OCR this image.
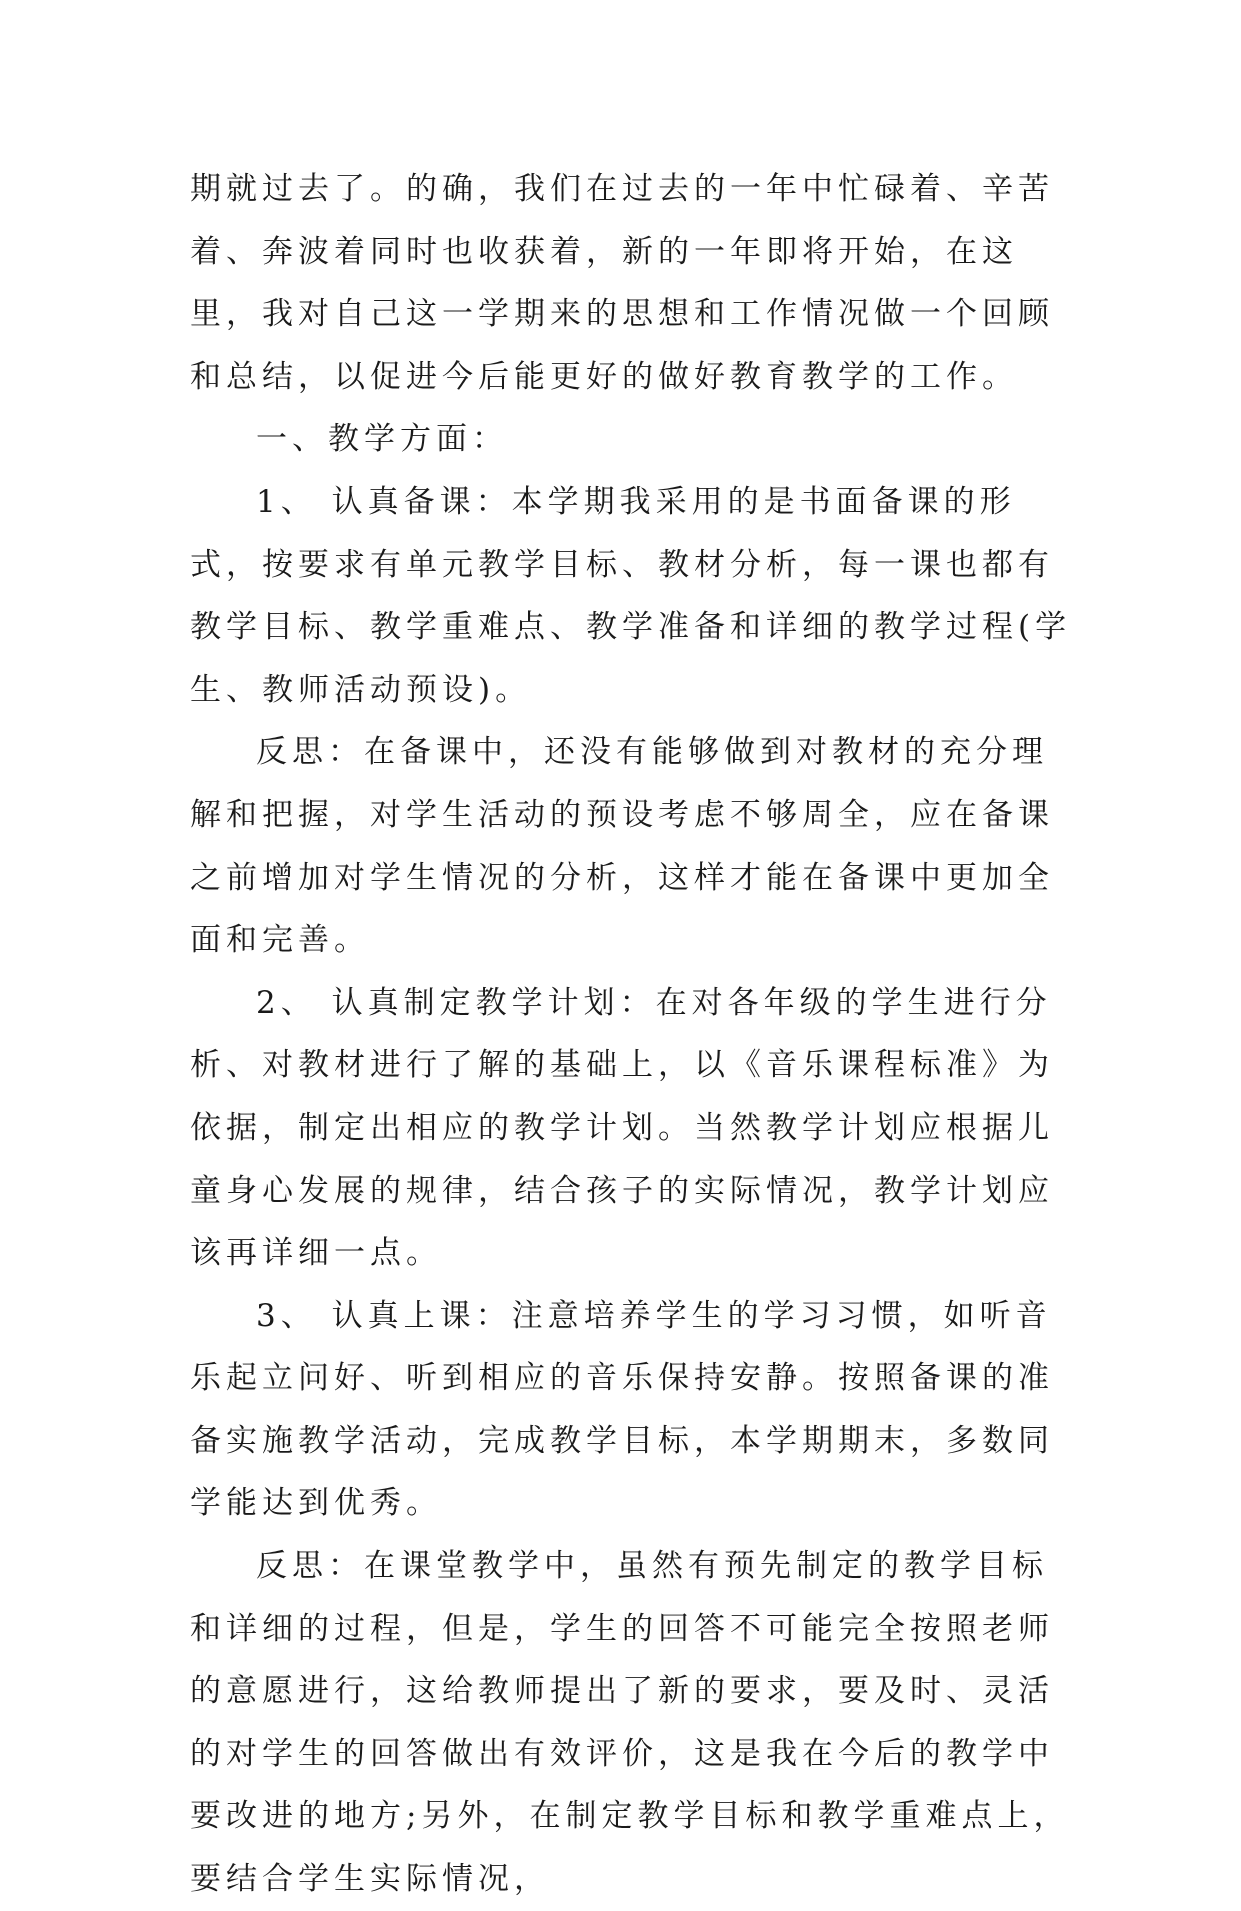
期就过去了。的确，我们在过去的一年中忙碌着、辛苦着、奔波着同时也收获着，新的一年即将开始，在这里，我对自己这一学期来的思想和工作情况做一个回顾和总结，以促进今后能更好的做好教育教学的工作。

一、教学方面：

1、 认真备课：本学期我采用的是书面备课的形式，按要求有单元教学目标、教材分析，每一课也都有教学目标、教学重难点、教学准备和详细的教学过程(学生、教师活动预设)。

反思：在备课中，还没有能够做到对教材的充分理解和把握，对学生活动的预设考虑不够周全，应在备课之前增加对学生情况的分析，这样才能在备课中更加全面和完善。

2、 认真制定教学计划：在对各年级的学生进行分析、对教材进行了解的基础上，以《音乐课程标准》为依据，制定出相应的教学计划。当然教学计划应根据儿童身心发展的规律，结合孩子的实际情况，教学计划应该再详细一点。

3、 认真上课：注意培养学生的学习习惯，如听音乐起立问好、听到相应的音乐保持安静。按照备课的准备实施教学活动，完成教学目标，本学期期末，多数同学能达到优秀。

反思：在课堂教学中，虽然有预先制定的教学目标和详细的过程，但是，学生的回答不可能完全按照老师的意愿进行，这给教师提出了新的要求，要及时、灵活的对学生的回答做出有效评价，这是我在今后的教学中要改进的地方;另外，在制定教学目标和教学重难点上，要结合学生实际情况，
